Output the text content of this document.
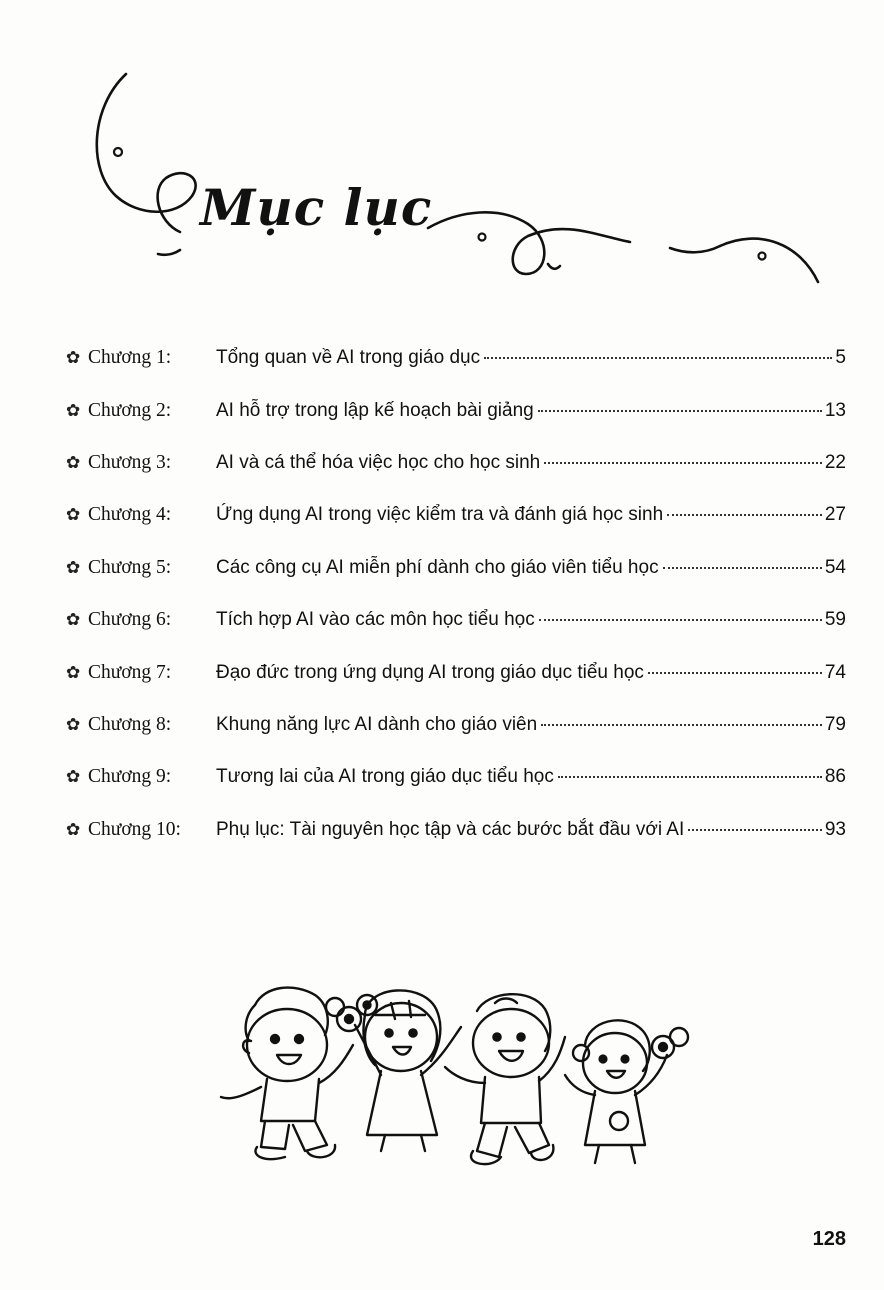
Mục lục
✿ Chương 1:	Tổng quan về AI trong giáo dục	5
✿ Chương 2:	AI hỗ trợ trong lập kế hoạch bài giảng	13
✿ Chương 3:	AI và cá thể hóa việc học cho học sinh	22
✿ Chương 4:	Ứng dụng AI trong việc kiểm tra và đánh giá học sinh	27
✿ Chương 5:	Các công cụ AI miễn phí dành cho giáo viên tiểu học	54
✿ Chương 6:	Tích hợp AI vào các môn học tiểu học	59
✿ Chương 7:	Đạo đức trong ứng dụng AI trong giáo dục tiểu học	74
✿ Chương 8:	Khung năng lực AI dành cho giáo viên	79
✿ Chương 9:	Tương lai của AI trong giáo dục tiểu học	86
✿ Chương 10:	Phụ lục: Tài nguyên học tập và các bước bắt đầu với AI	93
128
